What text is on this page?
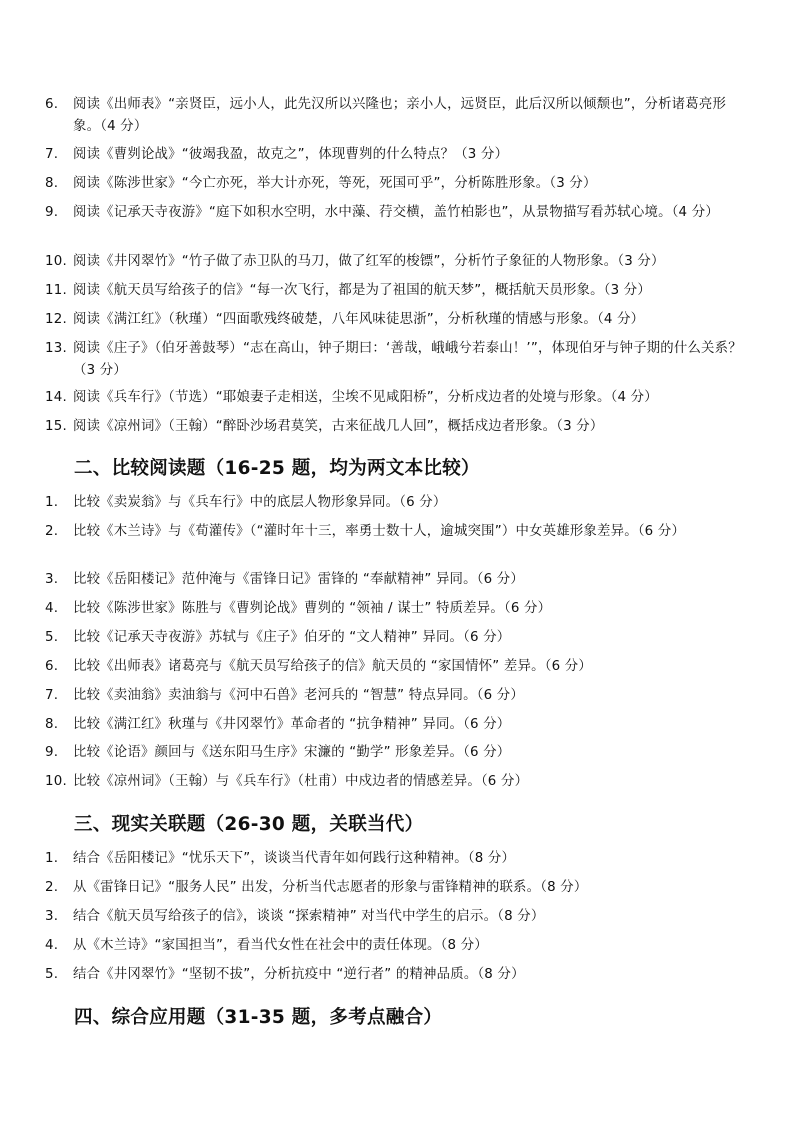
6.	阅读《出师表》“亲贤臣，远小人，此先汉所以兴隆也；亲小人，远贤臣，此后汉所以倾颓也”，分析诸葛亮形象。（4 分）
7.	阅读《曹刿论战》“彼竭我盈，故克之”，体现曹刿的什么特点？（3 分）
8.	阅读《陈涉世家》“今亡亦死，举大计亦死，等死，死国可乎”，分析陈胜形象。（3 分）
9.	阅读《记承天寺夜游》“庭下如积水空明，水中藻、荇交横，盖竹柏影也”，从景物描写看苏轼心境。（4 分）
10. 阅读《井冈翠竹》“竹子做了赤卫队的马刀，做了红军的梭镖”，分析竹子象征的人物形象。（3 分）
11. 阅读《航天员写给孩子的信》“每一次飞行，都是为了祖国的航天梦”，概括航天员形象。（3 分）
12. 阅读《满江红》（秋瑾）“四面歌残终破楚，八年风味徒思浙”，分析秋瑾的情感与形象。（4 分）
13. 阅读《庄子》（伯牙善鼓琴）“志在高山，钟子期曰：‘善哉，峨峨兮若泰山！’”，体现伯牙与钟子期的什么关系？（3 分）
14. 阅读《兵车行》（节选）“耶娘妻子走相送，尘埃不见咸阳桥”，分析戍边者的处境与形象。（4 分）
15. 阅读《凉州词》（王翰）“醉卧沙场君莫笑，古来征战几人回”，概括戍边者形象。（3 分）
二、比较阅读题（16-25 题，均为两文本比较）
1.	比较《卖炭翁》与《兵车行》中的底层人物形象异同。（6 分）
2.	比较《木兰诗》与《荀灌传》（“灌时年十三，率勇士数十人，逾城突围”）中女英雄形象差异。（6 分）
3.	比较《岳阳楼记》范仲淹与《雷锋日记》雷锋的 “奉献精神” 异同。（6 分）
4.	比较《陈涉世家》陈胜与《曹刿论战》曹刿的 “领袖 / 谋士” 特质差异。（6 分）
5.	比较《记承天寺夜游》苏轼与《庄子》伯牙的 “文人精神” 异同。（6 分）
6.	比较《出师表》诸葛亮与《航天员写给孩子的信》航天员的 “家国情怀” 差异。（6 分）
7.	比较《卖油翁》卖油翁与《河中石兽》老河兵的 “智慧” 特点异同。（6 分）
8.	比较《满江红》秋瑾与《井冈翠竹》革命者的 “抗争精神” 异同。（6 分）
9.	比较《论语》颜回与《送东阳马生序》宋濂的 “勤学” 形象差异。（6 分）
10. 比较《凉州词》（王翰）与《兵车行》（杜甫）中戍边者的情感差异。（6 分）
三、现实关联题（26-30 题，关联当代）
1.	结合《岳阳楼记》“忧乐天下”，谈谈当代青年如何践行这种精神。（8 分）
2.	从《雷锋日记》“服务人民” 出发，分析当代志愿者的形象与雷锋精神的联系。（8 分）
3.	结合《航天员写给孩子的信》，谈谈 “探索精神” 对当代中学生的启示。（8 分）
4.	从《木兰诗》“家国担当”，看当代女性在社会中的责任体现。（8 分）
5.	结合《井冈翠竹》“坚韧不拔”，分析抗疫中 “逆行者” 的精神品质。（8 分）
四、综合应用题（31-35 题，多考点融合）
